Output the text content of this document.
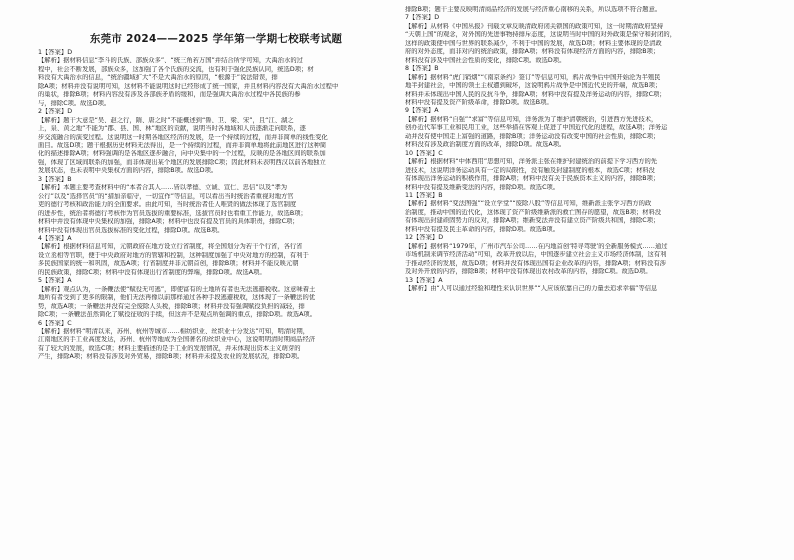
东莞市 2024——2025 学年第一学期七校联考试题
1【答案】D
【解析】据材料信息“李斗的氏族、部族众多”、“统三角若万国”并结合所学可知，大禹治水的过
程中，社会不断发展，部族众多，这加强了各个氏族的交流，也有利于强化民族认同，统选D项；材
料没有大禹治水的信息，“统治疆域扩大”不是大禹治水的原因，“根源于”说法错误，排
除A项；材料并没有说明可知，这材料不能说明这时已经形成了统一国家，并且材料内容没有大禹治水过程中
的巢状，排除B项；材料内容没有涉及各部族矛盾的缓和，而是强调大禹治水过程中各民族的参
与，排除C项。故选D项。
2【答案】D
【解析】题干大意是“吴、赵之行，隋、唐之时”不能概述到“鲁、卫、梁、宋”，且“江、湖之
上，泉、黄之地”不能为“郡、县、国、林”地区的贡献，说明当时各地域和人员逐渐走向联系，逐
步交流融合的演变过程。这说明这一时期各地区经济的发展，是一个持续的过程，而并非简单的线性变化
面目。故选D项；题干根据历史材料无法得出，是一个持续的过程，而并非简单地将此前地区进行这种简
化的描述排除A项；材料强调的是各地区逐步融合，向中央集中的一个过程，反映的是各地区间的联系加
强，体现了区域间联系的加强，而非体现出某个地区的发展排除C项；因此材料未表明西汉以前各地独立
发展状态，也未表明中央集权方面的内容，排除B项。故选D项。
3【答案】B
【解析】本题主要考查材料中的“本者合其人……皆以孝德、立诚、宣仁、忠信”以及“孝为
公行”以及“选择官员”的“措加亲临守，一切宜作”等信息，可以看出当时统治者重视对地方官
吏的德行考核和政治能力的全面要求。由此可知，当时统治者任人唯贤的做法体现了选官制度
的进步性，统治者将德行考核作为官员选拔的重要标准，选拔官员时也看重工作能力，故选B项；
材料中并没有体现中央集权的加强，排除A项；材料中也没有提及官员的具体职责，排除C项；
材料中没有体现出官员选拔标准的变化过程，排除D项。故选B项。
4【答案】A
【解析】根据材料信息可知，元朝政府在地方设立行省制度，将全国划分为若干个行省，各行省
设立丞相等官职，便于中央政府对地方的管辖和控制，这种制度加强了中央对地方的控制，有利于
多民族国家的统一和巩固，故选A项；行省制度并非元朝首创，排除B项；材料并不能反映元朝
的民族政策，排除C项；材料中没有体现出行省制度的弊端，排除D项。故选A项。
5【答案】A
【解析】观点认为，一条鞭法使“赋役无可逃”，即使富有的土地所有者也无法逃避税收。这意味着土
地所有者受到了更多的限制，他们无法再像以前那样通过各种手段逃避税收，这体现了一条鞭法的优
势，故选A项；一条鞭法并没有完全废除人头税，排除B项；材料并没有强调赋役负担的减轻，排
除C项；一条鞭法虽然简化了赋役征收的手续，但这并不是观点所强调的重点，排除D项。故选A项。
6【答案】C
【解析】据材料“明清以来，苏州、杭州等城市……棉纺织业、丝织业十分发达”可知，明清时期，
江南地区的手工业高度发达，苏州、杭州等地成为全国著名的丝织业中心，这说明明清时期商品经济
有了较大的发展，故选C项；材料主要描述的是手工业的发展情况，并未体现出资本主义萌芽的
产生，排除A项；材料没有涉及对外贸易，排除B项；材料并未提及农业的发展状况，排除D项。
排除B项；题干主要反映明清商品经济的发展与经济重心南移的关系，所以选项不符合题意。
7【答案】D
【解析】从材料《中国丛报》刊载文章反映清政府闭关锁国的政策可知，这一时期清政府坚持
“天朝上国”的观念，对外国的先进事物持排斥态度，这说明当时中国的对外政策是保守和封闭的，
这样的政策使中国与世界的联系减少，不利于中国的发展，故选D项；材料主要体现的是清政
府的对外态度，而非对内的统治政策，排除A项；材料没有体现经济方面的内容，排除B项；
材料没有涉及中国社会性质的变化，排除C项。故选D项。
8【答案】B
【解析】据材料“虎门销烟”“《南京条约》签订”等信息可知，鸦片战争后中国开始沦为半殖民
地半封建社会，中国的领土主权遭到破坏，这说明鸦片战争是中国近代史的开端，故选B项；
材料并未体现出中国人民的反抗斗争，排除A项；材料中没有提及洋务运动的内容，排除C项；
材料中没有提及资产阶级革命，排除D项。故选B项。
9【答案】A
【解析】据材料“自强”“求富”等信息可知，洋务派为了维护清朝统治，引进西方先进技术，
创办近代军事工业和民用工业，这些举措在客观上促进了中国近代化的进程，故选A项；洋务运
动并没有使中国走上富强的道路，排除B项；洋务运动没有改变中国的社会性质，排除C项；
材料没有涉及政治制度方面的改革，排除D项。故选A项。
10【答案】C
【解析】根据材料“中体西用”思想可知，洋务派主张在维护封建统治的前提下学习西方的先
进技术，这说明洋务运动具有一定的局限性，没有触及封建制度的根本，故选C项；材料没
有体现出洋务运动的积极作用，排除A项；材料中没有关于民族资本主义的内容，排除B项；
材料中没有提及维新变法的内容，排除D项。故选C项。
11【答案】B
【解析】据材料“变法图强”“设立学堂”“废除八股”等信息可知，维新派主张学习西方的政
治制度，推动中国的近代化，这体现了资产阶级维新派的救亡图存的愿望，故选B项；材料没
有体现出封建顽固势力的反对，排除A项；维新变法并没有建立资产阶级共和国，排除C项；
材料中没有提及民主革命的内容，排除D项。故选B项。
12【答案】D
【解析】据材料“1979年，广州市汽车公司……在内地首创‘特寻驾驶’的全新服务模式……通过
市场机制来调节经济活动”可知，改革开放以后，中国逐步建立社会主义市场经济体制，这有利
于推动经济的发展，故选D项；材料并没有体现出国有企业改革的内容，排除A项；材料没有涉
及对外开放的内容，排除B项；材料中没有体现出农村改革的内容，排除C项。故选D项。
13【答案】A
【解析】由“人可以通过经验和理性来认识世界”“人应该依靠自己的力量去追求幸福”等信息
